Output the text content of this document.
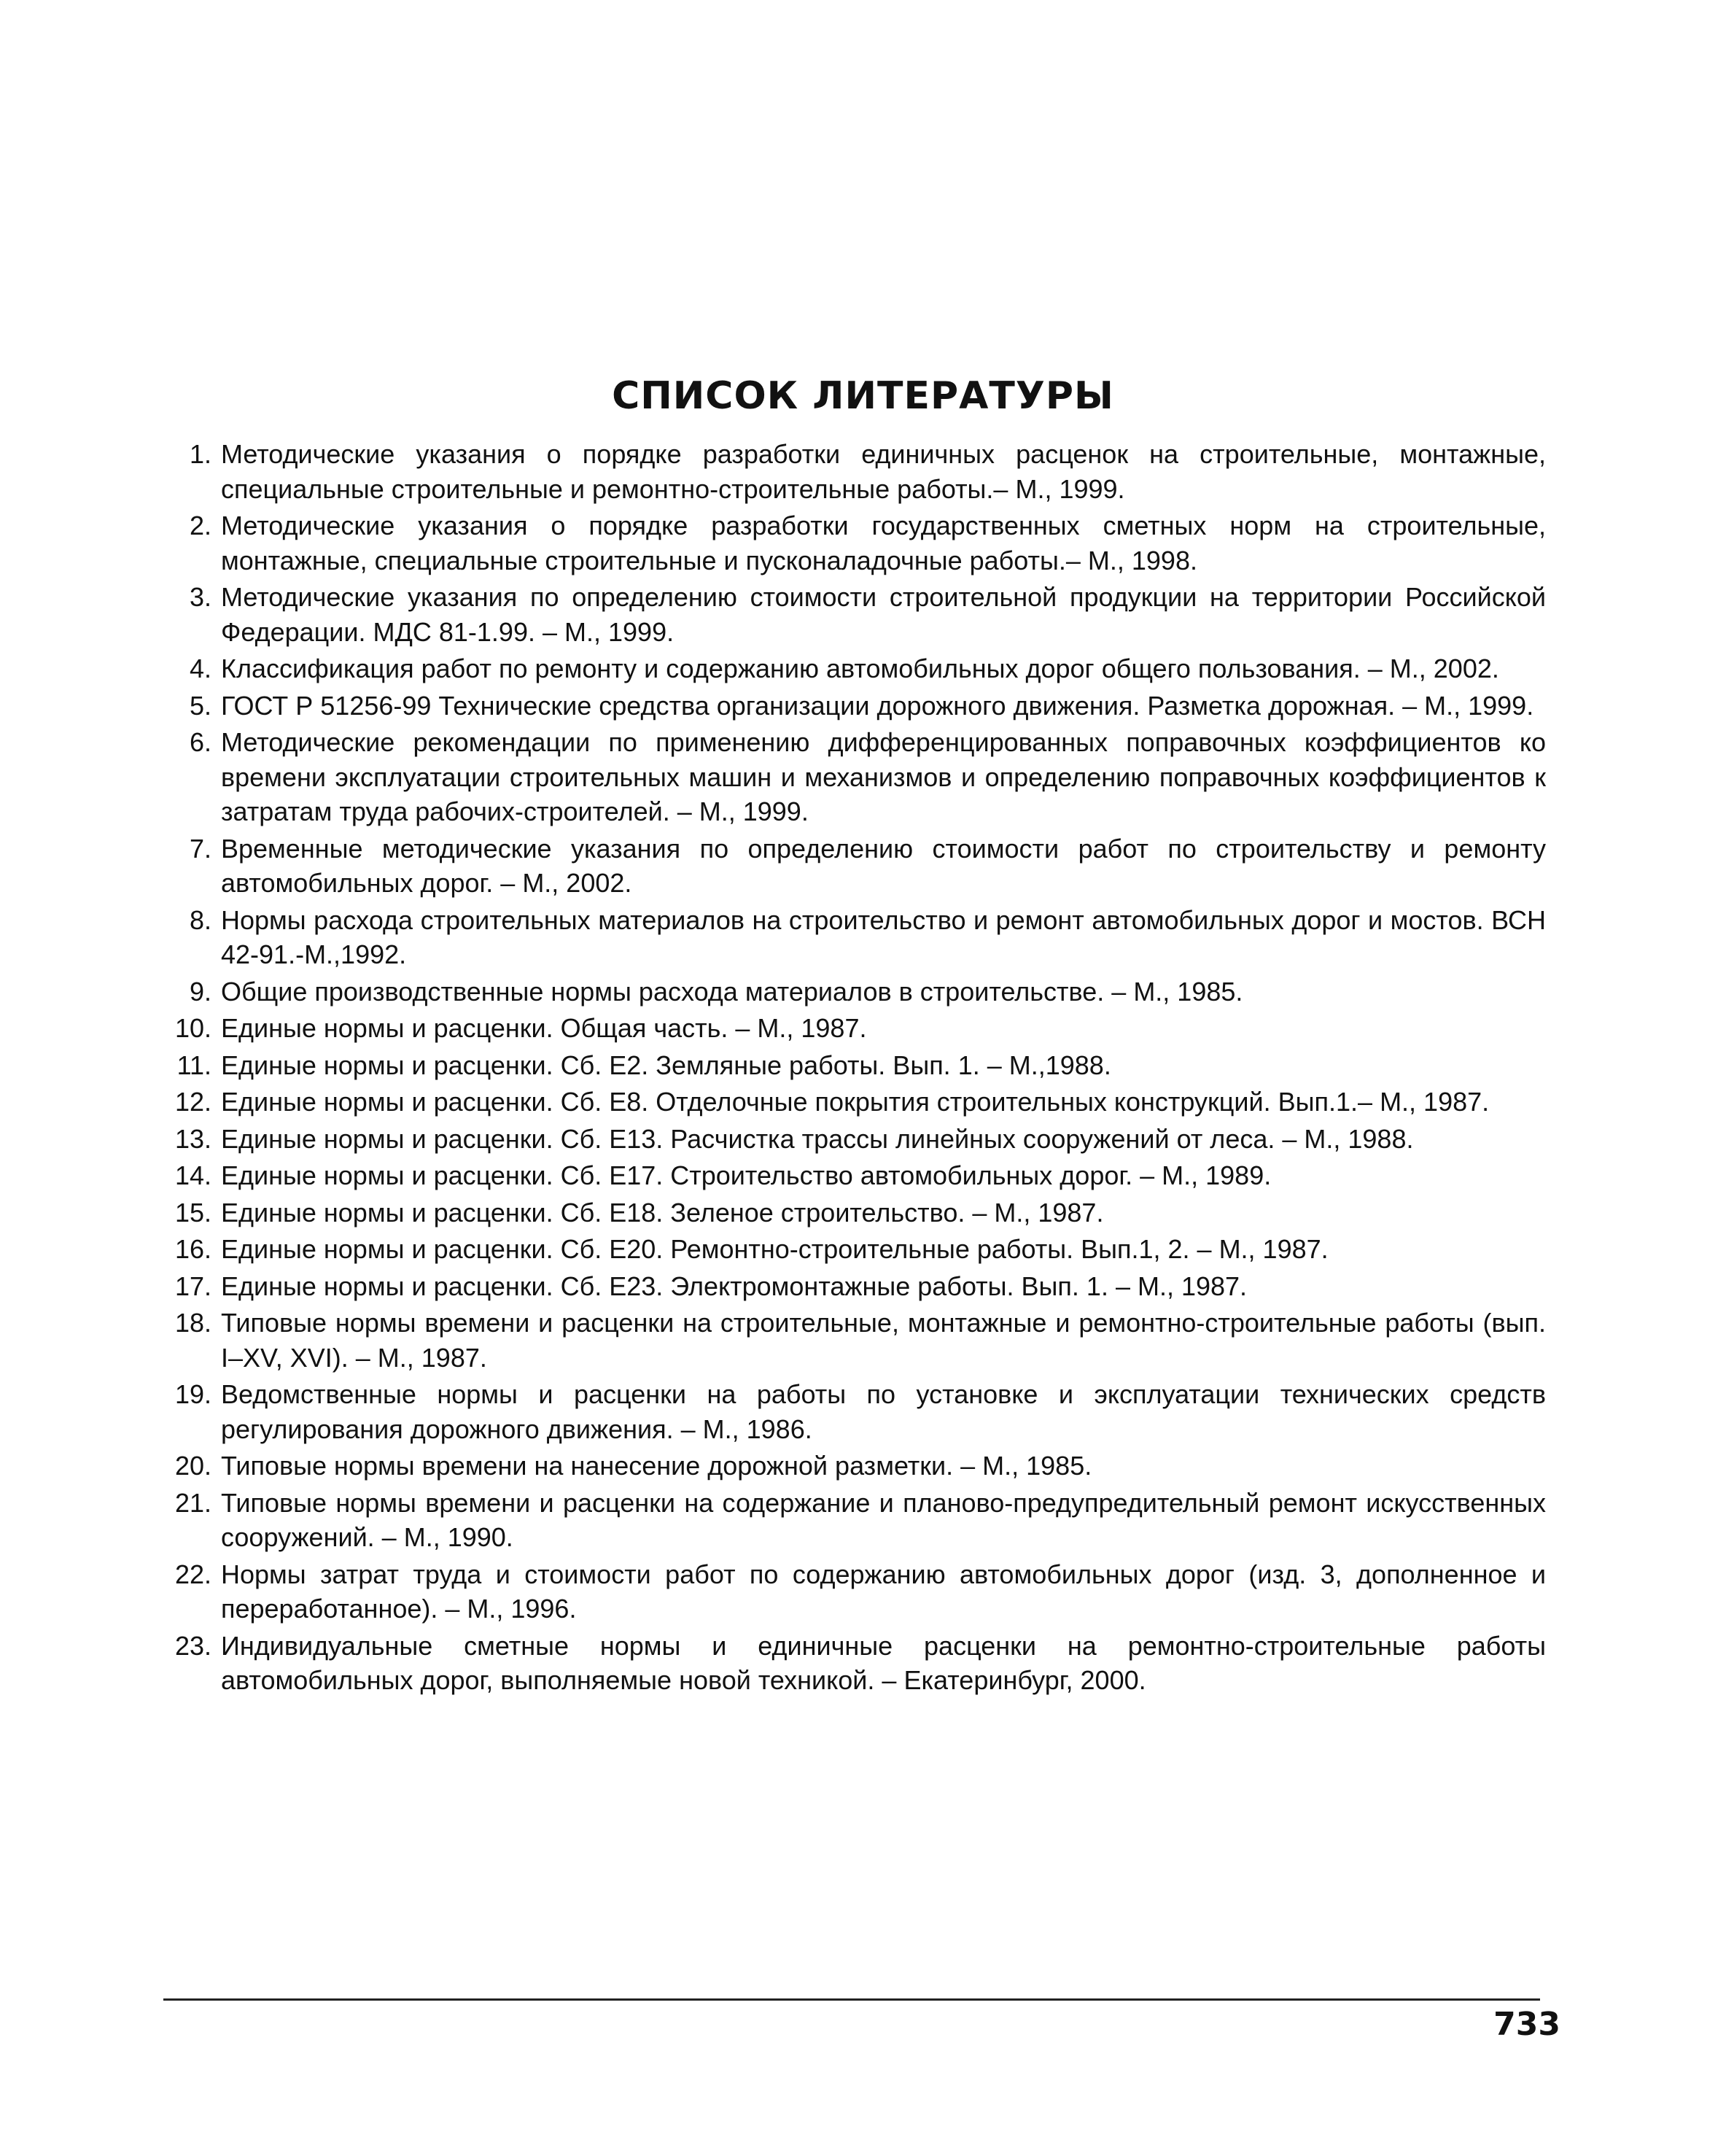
СПИСОК ЛИТЕРАТУРЫ
1. Методические указания о порядке разработки единичных расценок на строительные, монтажные, специальные строительные и ремонтно-строительные работы.– М., 1999.
2. Методические указания о порядке разработки государственных сметных норм на строительные, монтажные, специальные строительные и пусконаладочные работы.– М., 1998.
3. Методические указания по определению стоимости строительной продукции на территории Российской Федерации. МДС 81-1.99. – М., 1999.
4. Классификация работ по ремонту и содержанию автомобильных дорог общего пользования. – М., 2002.
5. ГОСТ Р 51256-99 Технические средства организации дорожного движения. Разметка дорожная. – М., 1999.
6. Методические рекомендации по применению дифференцированных поправочных коэффициентов ко времени эксплуатации строительных машин и механизмов и определению поправочных коэффициентов к затратам труда рабочих-строителей. – М., 1999.
7. Временные методические указания по определению стоимости работ по строительству и ремонту автомобильных дорог. – М., 2002.
8. Нормы расхода строительных материалов на строительство и ремонт автомобильных дорог и мостов. ВСН 42-91.-М.,1992.
9. Общие производственные нормы расхода материалов в строительстве. – М., 1985.
10. Единые нормы и расценки. Общая часть. – М., 1987.
11. Единые нормы и расценки. Сб. Е2. Земляные работы. Вып. 1. – М.,1988.
12. Единые нормы и расценки. Сб. Е8. Отделочные покрытия строительных конструкций. Вып.1.– М., 1987.
13. Единые нормы и расценки. Сб. Е13. Расчистка трассы линейных сооружений от леса. – М., 1988.
14. Единые нормы и расценки. Сб. Е17. Строительство автомобильных дорог. – М., 1989.
15. Единые нормы и расценки. Сб. Е18. Зеленое строительство. – М., 1987.
16. Единые нормы и расценки. Сб. Е20. Ремонтно-строительные работы. Вып.1, 2. – М., 1987.
17. Единые нормы и расценки. Сб. Е23. Электромонтажные работы. Вып. 1. – М., 1987.
18. Типовые нормы времени и расценки на строительные, монтажные и ремонтно-строительные работы (вып. I–XV, XVI). – М., 1987.
19. Ведомственные нормы и расценки на работы по установке и эксплуатации технических средств регулирования дорожного движения. – М., 1986.
20. Типовые нормы времени на нанесение дорожной разметки. – М., 1985.
21. Типовые нормы времени и расценки на содержание и планово-предупредительный ремонт искусственных сооружений. – М., 1990.
22. Нормы затрат труда и стоимости работ по содержанию автомобильных дорог (изд. 3, дополненное и переработанное). – М., 1996.
23. Индивидуальные сметные нормы и единичные расценки на ремонтно-строительные работы автомобильных дорог, выполняемые новой техникой. – Екатеринбург, 2000.
733
